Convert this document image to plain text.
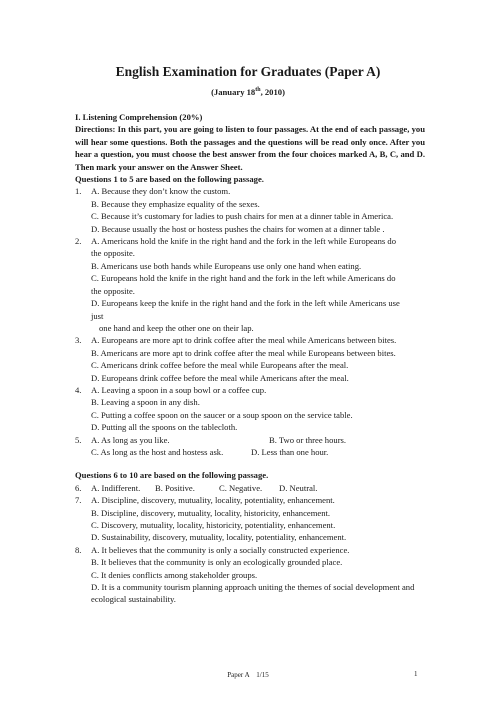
English Examination for Graduates (Paper A)
(January 18th, 2010)
I. Listening Comprehension (20%)
Directions: In this part, you are going to listen to four passages. At the end of each passage, you will hear some questions. Both the passages and the questions will be read only once. After you hear a question, you must choose the best answer from the four choices marked A, B, C, and D. Then mark your answer on the Answer Sheet.
Questions 1 to 5 are based on the following passage.
1.	A. Because they don’t know the custom.
B. Because they emphasize equality of the sexes.
C. Because it’s customary for ladies to push chairs for men at a dinner table in America.
D. Because usually the host or hostess pushes the chairs for women at a dinner table .
2.	A. Americans hold the knife in the right hand and the fork in the left while Europeans do
the opposite.
B. Americans use both hands while Europeans use only one hand when eating.
C. Europeans hold the knife in the right hand and the fork in the left while Americans do
the opposite.
D. Europeans keep the knife in the right hand and the fork in the left while Americans use
just
one hand and keep the other one on their lap.
3.	A. Europeans are more apt to drink coffee after the meal while Americans between bites.
B. Americans are more apt to drink coffee after the meal while Europeans between bites.
C. Americans drink coffee before the meal while Europeans after the meal.
D. Europeans drink coffee before the meal while Americans after the meal.
4.	A. Leaving a spoon in a soup bowl or a coffee cup.
B. Leaving a spoon in any dish.
C. Putting a coffee spoon on the saucer or a soup spoon on the service table.
D. Putting all the spoons on the tablecloth.
5.	A. As long as you like.	B. Two or three hours.
C. As long as the host and hostess ask.	D. Less than one hour.
Questions 6 to 10 are based on the following passage.
6.	A. Indifferent.	B. Positive.	C. Negative.	D. Neutral.
7.	A. Discipline, discovery, mutuality, locality, potentiality, enhancement.
B. Discipline, discovery, mutuality, locality, historicity, enhancement.
C. Discovery, mutuality, locality, historicity, potentiality, enhancement.
D. Sustainability, discovery, mutuality, locality, potentiality, enhancement.
8.	A. It believes that the community is only a socially constructed experience.
B. It believes that the community is only an ecologically grounded place.
C. It denies conflicts among stakeholder groups.
D. It is a community tourism planning approach uniting the themes of social development and
ecological sustainability.
Paper A　1/15	1
